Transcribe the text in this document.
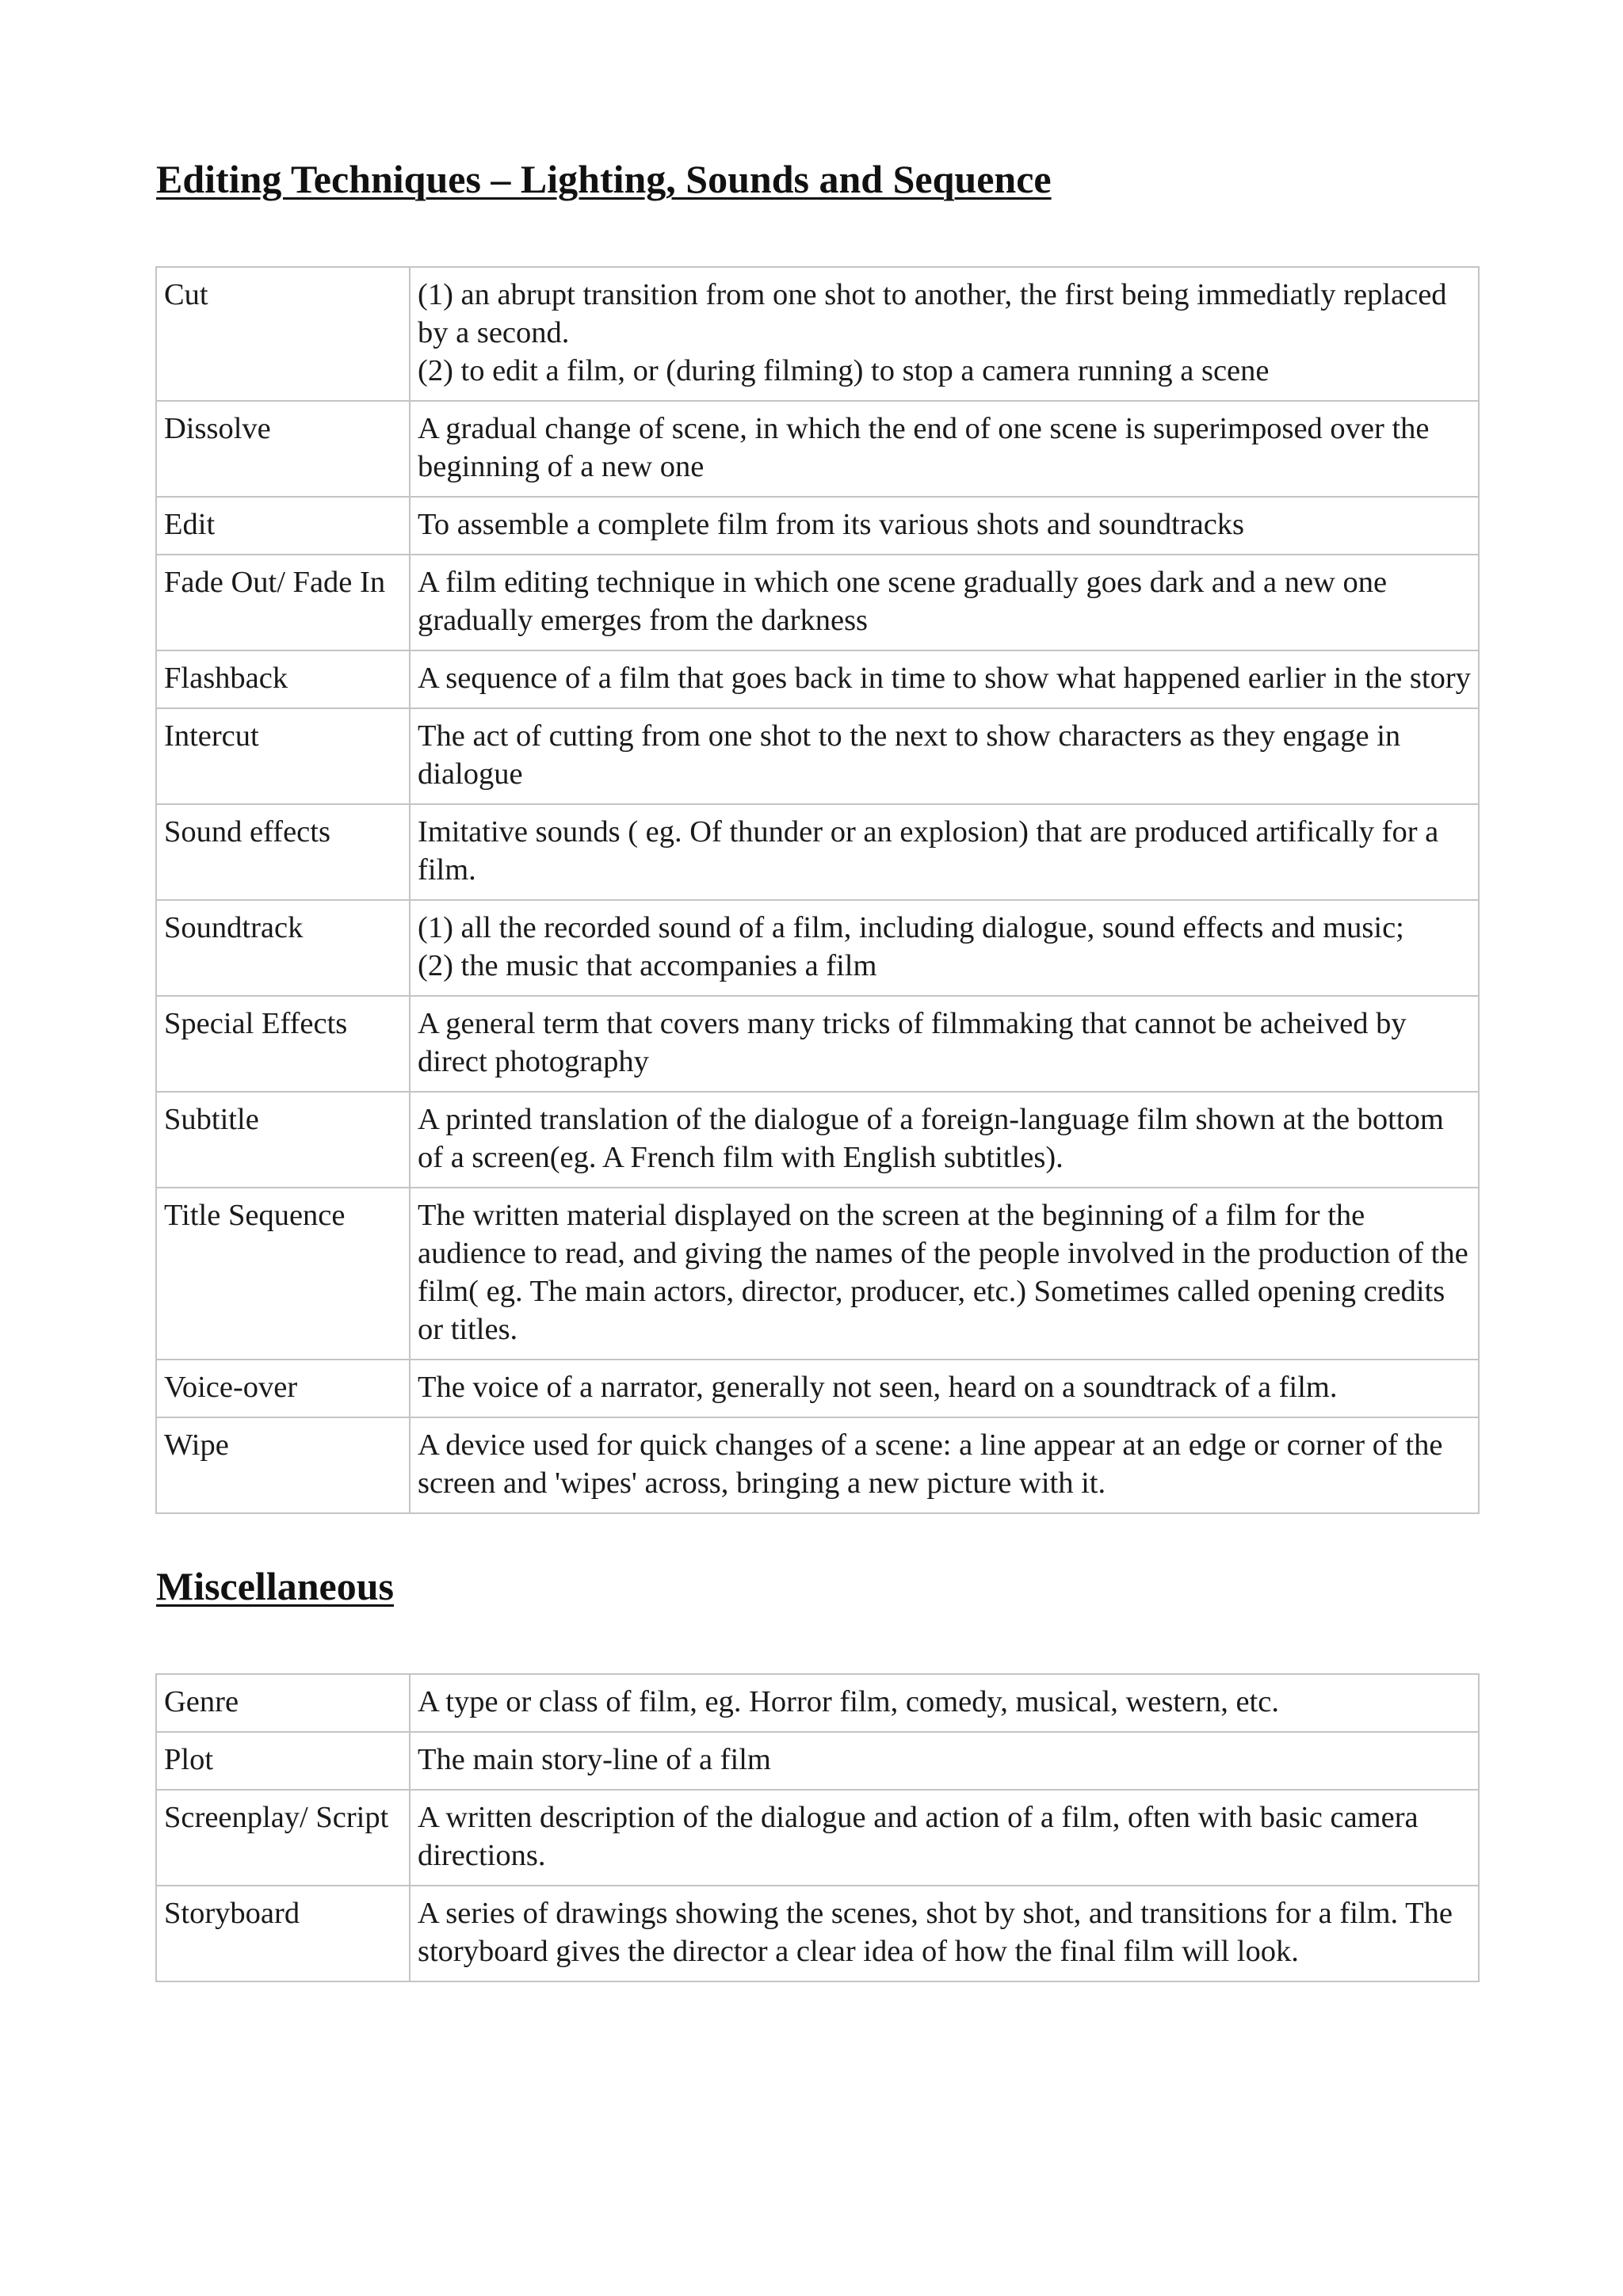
Editing Techniques – Lighting, Sounds and Sequence
Cut	(1) an abrupt transition from one shot to another, the first being immediatly replaced by a second.
(2) to edit a film, or (during filming) to stop a camera running a scene
Dissolve	A gradual change of scene, in which the end of one scene is superimposed over the beginning of a new one
Edit	To assemble a complete film from its various shots and soundtracks
Fade Out/ Fade In	A film editing technique in which one scene gradually goes dark and a new one gradually emerges from the darkness
Flashback	A sequence of a film that goes back in time to show what happened earlier in the story
Intercut	The act of cutting from one shot to the next to show characters as they engage in dialogue
Sound effects	Imitative sounds ( eg. Of thunder or an explosion) that are produced artifically for a film.
Soundtrack	(1) all the recorded sound of a film, including dialogue, sound effects and music;
(2) the music that accompanies a film
Special Effects	A general term that covers many tricks of filmmaking that cannot be acheived by direct photography
Subtitle	A printed translation of the dialogue of a foreign-language film shown at the bottom of a screen(eg. A French film with English subtitles).
Title Sequence	The written material displayed on the screen at the beginning of a film for the audience to read, and giving the names of the people involved in the production of the film( eg. The main actors, director, producer, etc.) Sometimes called opening credits or titles.
Voice-over	The voice of a narrator, generally not seen, heard on a soundtrack of a film.
Wipe	A device used for quick changes of a scene: a line appear at an edge or corner of the screen and 'wipes' across, bringing a new picture with it.
Miscellaneous
Genre	A type or class of film, eg. Horror film, comedy, musical, western, etc.
Plot	The main story-line of a film
Screenplay/ Script	A written description of the dialogue and action of a film, often with basic camera directions.
Storyboard	A series of drawings showing the scenes, shot by shot, and transitions for a film. The storyboard gives the director a clear idea of how the final film will look.
